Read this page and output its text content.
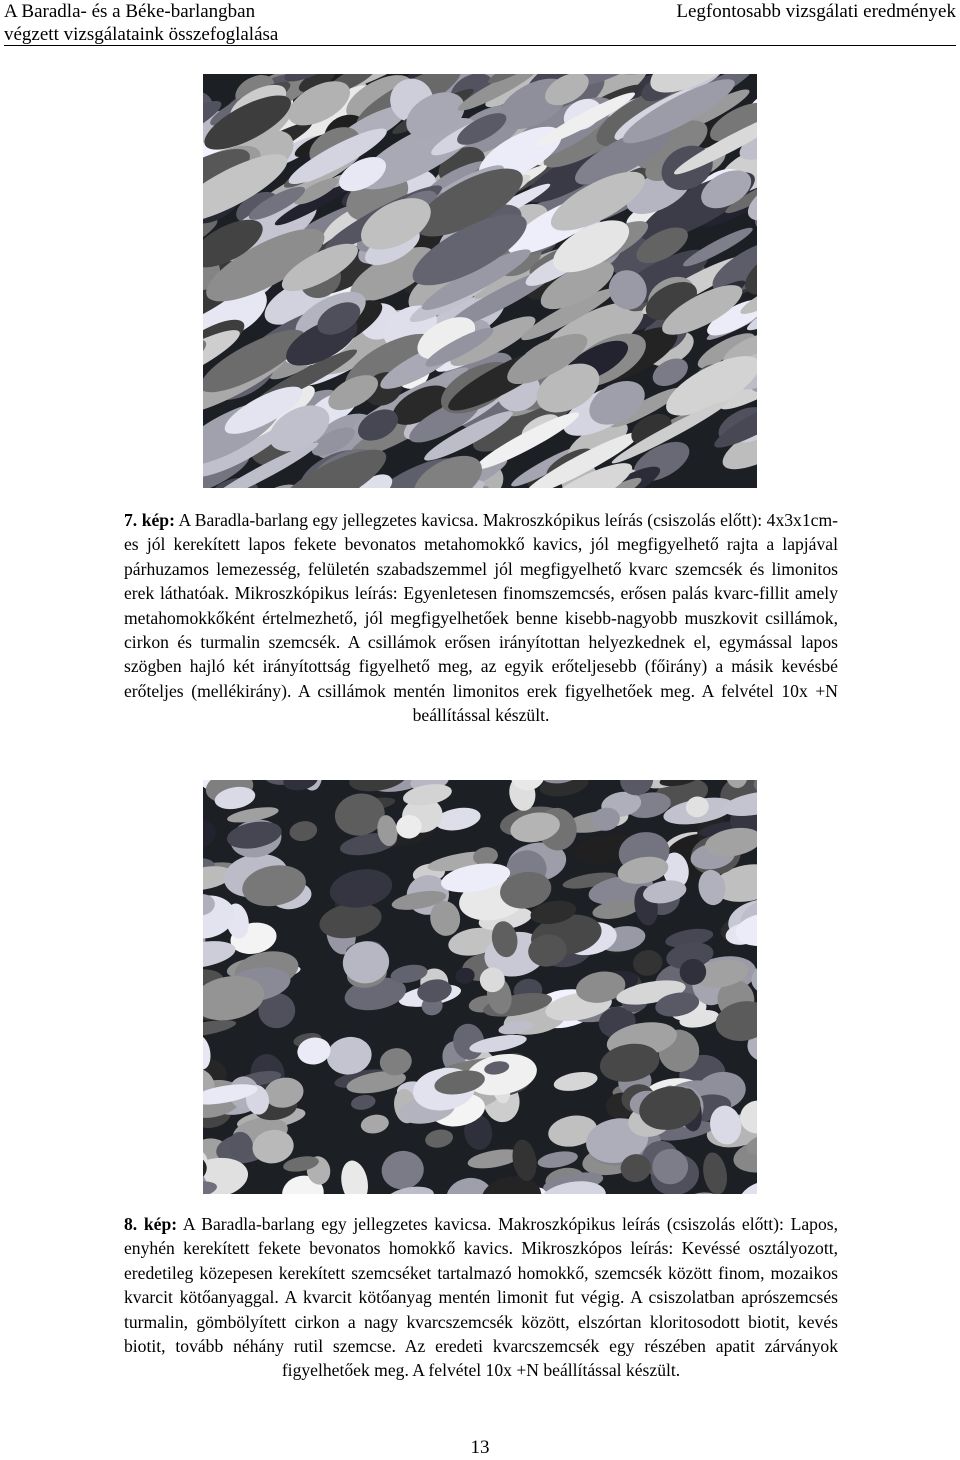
A Baradla- és a Béke-barlangban
végzett vizsgálataink összefoglalása
Legfontosabb vizsgálati eredmények
7. kép: A Baradla-barlang egy jellegzetes kavicsa. Makroszkópikus leírás (csiszolás előtt): 4x3x1cm-es jól kerekített lapos fekete bevonatos metahomokkő kavics, jól megfigyelhető rajta a lapjával párhuzamos lemezesség, felületén szabadszemmel jól megfigyelhető kvarc szemcsék és limonitos erek láthatóak. Mikroszkópikus leírás: Egyenletesen finomszemcsés, erősen palás kvarc-fillit amely metahomokkőként értelmezhető, jól megfigyelhetőek benne kisebb-nagyobb muszkovit csillámok, cirkon és turmalin szemcsék. A csillámok erősen irányítottan helyezkednek el, egymással lapos szögben hajló két irányítottság figyelhető meg, az egyik erőteljesebb (főirány) a másik kevésbé erőteljes (mellékirány). A csillámok mentén limonitos erek figyelhetőek meg. A felvétel 10x +N beállítással készült.
8. kép: A Baradla-barlang egy jellegzetes kavicsa. Makroszkópikus leírás (csiszolás előtt): Lapos, enyhén kerekített fekete bevonatos homokkő kavics. Mikroszkópos leírás: Kevéssé osztályozott, eredetileg közepesen kerekített szemcséket tartalmazó homokkő, szemcsék között finom, mozaikos kvarcit kötőanyaggal. A kvarcit kötőanyag mentén limonit fut végig. A csiszolatban aprószemcsés turmalin, gömbölyített cirkon a nagy kvarcszemcsék között, elszórtan kloritosodott biotit, kevés biotit, tovább néhány rutil szemcse. Az eredeti kvarcszemcsék egy részében apatit zárványok figyelhetőek meg. A felvétel 10x +N beállítással készült.
13
